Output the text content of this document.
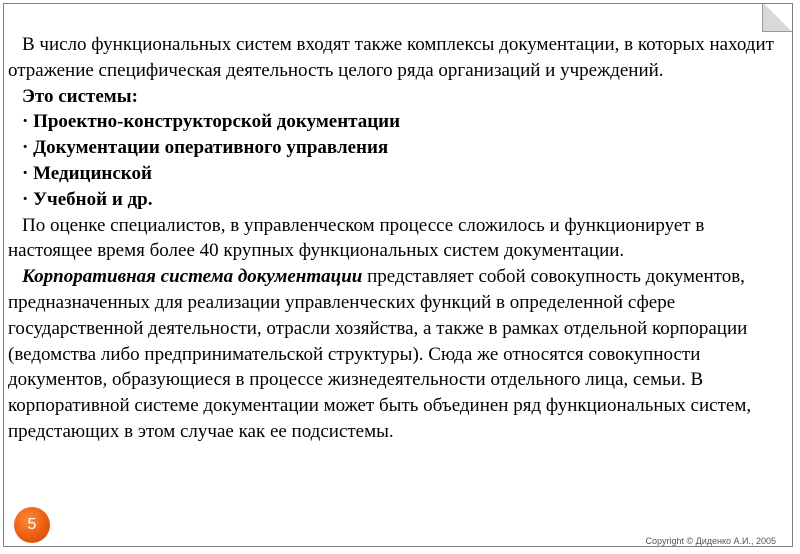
В число функциональных систем входят также комплексы документации, в которых находит отражение специфическая деятельность целого ряда организаций и учреждений.

Это системы:

· Проектно-конструкторской документации

· Документации оперативного управления

· Медицинской

· Учебной и др.

По оценке специалистов, в управленческом процессе сложилось и функционирует в настоящее время более 40 крупных функциональных систем документации.

Корпоративная система документации представляет собой совокупность документов, предназначенных для реализации управленческих функций в определенной сфере государственной деятельности, отрасли хозяйства, а также в рамках отдельной корпорации (ведомства либо предпринимательской структуры). Сюда же относятся совокупности документов, образующиеся в процессе жизнедеятельности отдельного лица, семьи. В корпоративной системе документации может быть объединен ряд функциональных систем, предстающих в этом случае как ее подсистемы.

5
Copyright © Диденко А.И., 2005
